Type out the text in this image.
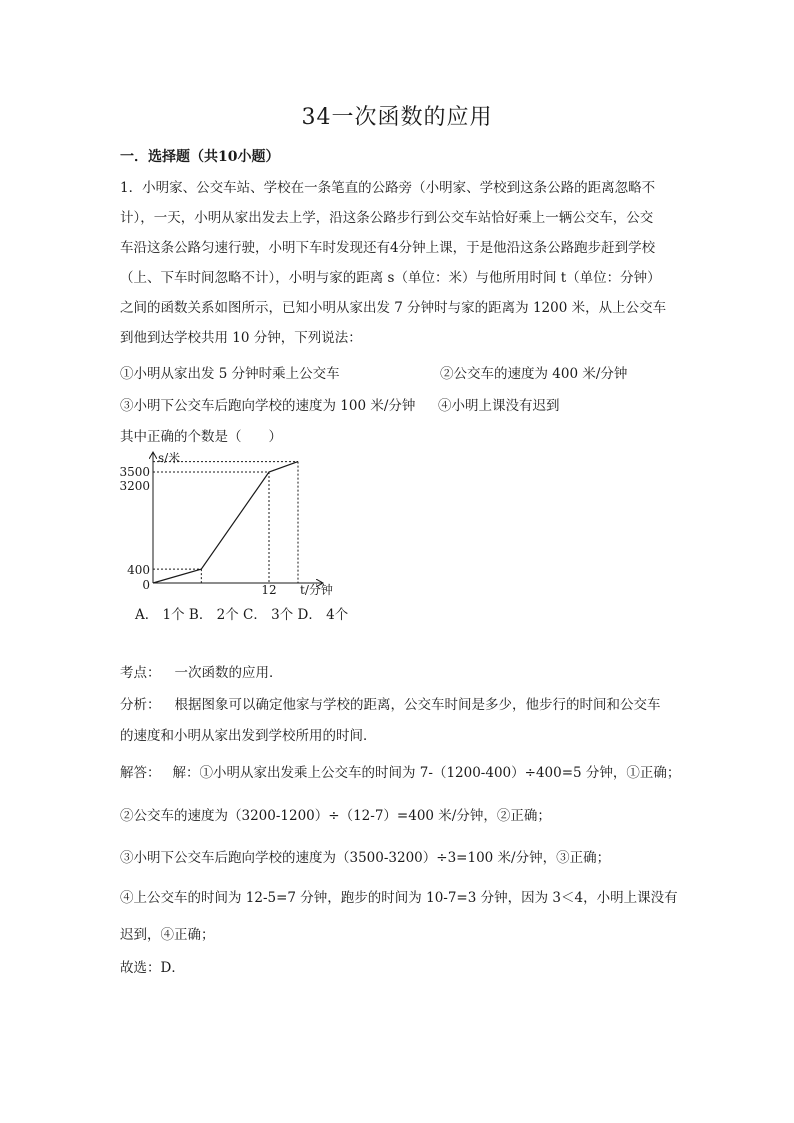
34一次函数的应用
一．选择题（共10小题）
1．小明家、公交车站、学校在一条笔直的公路旁（小明家、学校到这条公路的距离忽略不
计），一天，小明从家出发去上学，沿这条公路步行到公交车站恰好乘上一辆公交车，公交
车沿这条公路匀速行驶，小明下车时发现还有4分钟上课，于是他沿这条公路跑步赶到学校
（上、下车时间忽略不计），小明与家的距离 s（单位：米）与他所用时间 t（单位：分钟）
之间的函数关系如图所示，已知小明从家出发 7 分钟时与家的距离为 1200 米，从上公交车
到他到达学校共用 10 分钟，下列说法：
①小明从家出发 5 分钟时乘上公交车	②公交车的速度为 400 米/分钟
③小明下公交车后跑向学校的速度为 100 米/分钟 ④小明上课没有迟到
其中正确的个数是（　　）
s/米
t/分钟
3500
3200
400
0	12
A． 1个 B． 2个 C． 3个 D． 4个
考点： 一次函数的应用．
分析： 根据图象可以确定他家与学校的距离，公交车时间是多少，他步行的时间和公交车
的速度和小明从家出发到学校所用的时间．
解答： 解：①小明从家出发乘上公交车的时间为 7-（1200-400）÷400=5 分钟，①正确；
②公交车的速度为（3200-1200）÷（12-7）=400 米/分钟，②正确；
③小明下公交车后跑向学校的速度为（3500-3200）÷3=100 米/分钟，③正确；
④上公交车的时间为 12-5=7 分钟，跑步的时间为 10-7=3 分钟，因为 3＜4，小明上课没有
迟到，④正确；
故选：D．
